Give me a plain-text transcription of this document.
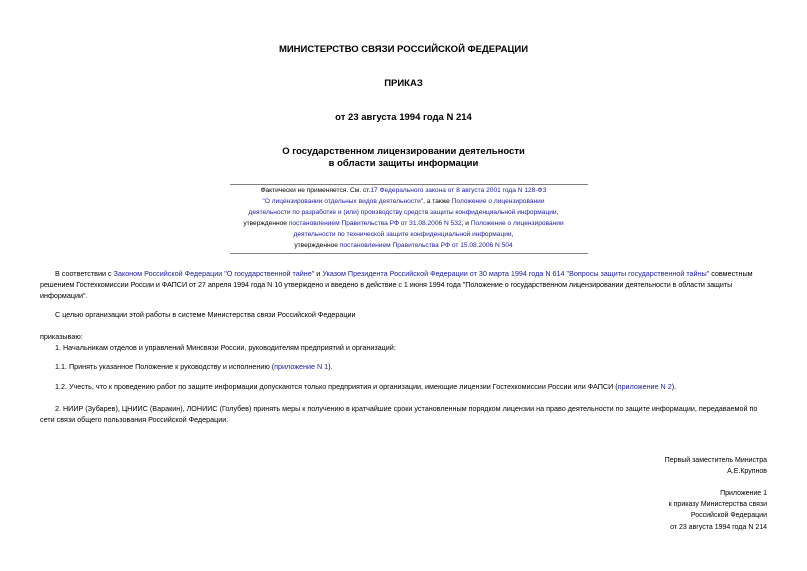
МИНИСТЕРСТВО СВЯЗИ РОССИЙСКОЙ ФЕДЕРАЦИИ
ПРИКАЗ
от 23 августа 1994 года N 214
О государственном лицензировании деятельности
в области защиты информации
Фактически не применяется. См. ст.17 Федерального закона от 8 августа 2001 года N 128-ФЗ
"О лицензировании отдельных видов деятельности", а также Положение о лицензировании
деятельности по разработке и (или) производству средств защиты конфиденциальной информации,
утвержденное постановлением Правительства РФ от 31.08.2006 N 532, и Положение о лицензировании
деятельности по технической защите конфиденциальной информации,
утвержденное постановлением Правительства РФ от 15.08.2006 N 504
В соответствии с Законом Российской Федерации "О государственной тайне" и Указом Президента Российской Федерации от 30 марта 1994 года N 614 "Вопросы защиты государственной тайны" совместным
решением Гостехкомиссии России и ФАПСИ от 27 апреля 1994 года N 10 утверждено и введено в действие с 1 июня 1994 года "Положение о государственном лицензировании деятельности в области защиты
информации".
С целью организации этой работы в системе Министерства связи Российской Федерации
приказываю:
1. Начальникам отделов и управлений Минсвязи России, руководителям предприятий и организаций:
1.1. Принять указанное Положение к руководству и исполнению (приложение N 1).
1.2. Учесть, что к проведению работ по защите информации допускаются только предприятия и организации, имеющие лицензии Гостехкомиссии России или ФАПСИ (приложение N 2).
2. НИИР (Зубарев), ЦНИИС (Варакин), ЛОНИИС (Голубев) принять меры к получению в кратчайшие сроки установленным порядком лицензии на право деятельности по защите информации, передаваемой по
сети связи общего пользования Российской Федерации.
Первый заместитель Министра
А.Е.Крупнов
Приложение 1
к приказу Министерства связи
Российской Федерации
от 23 августа 1994 года N 214
